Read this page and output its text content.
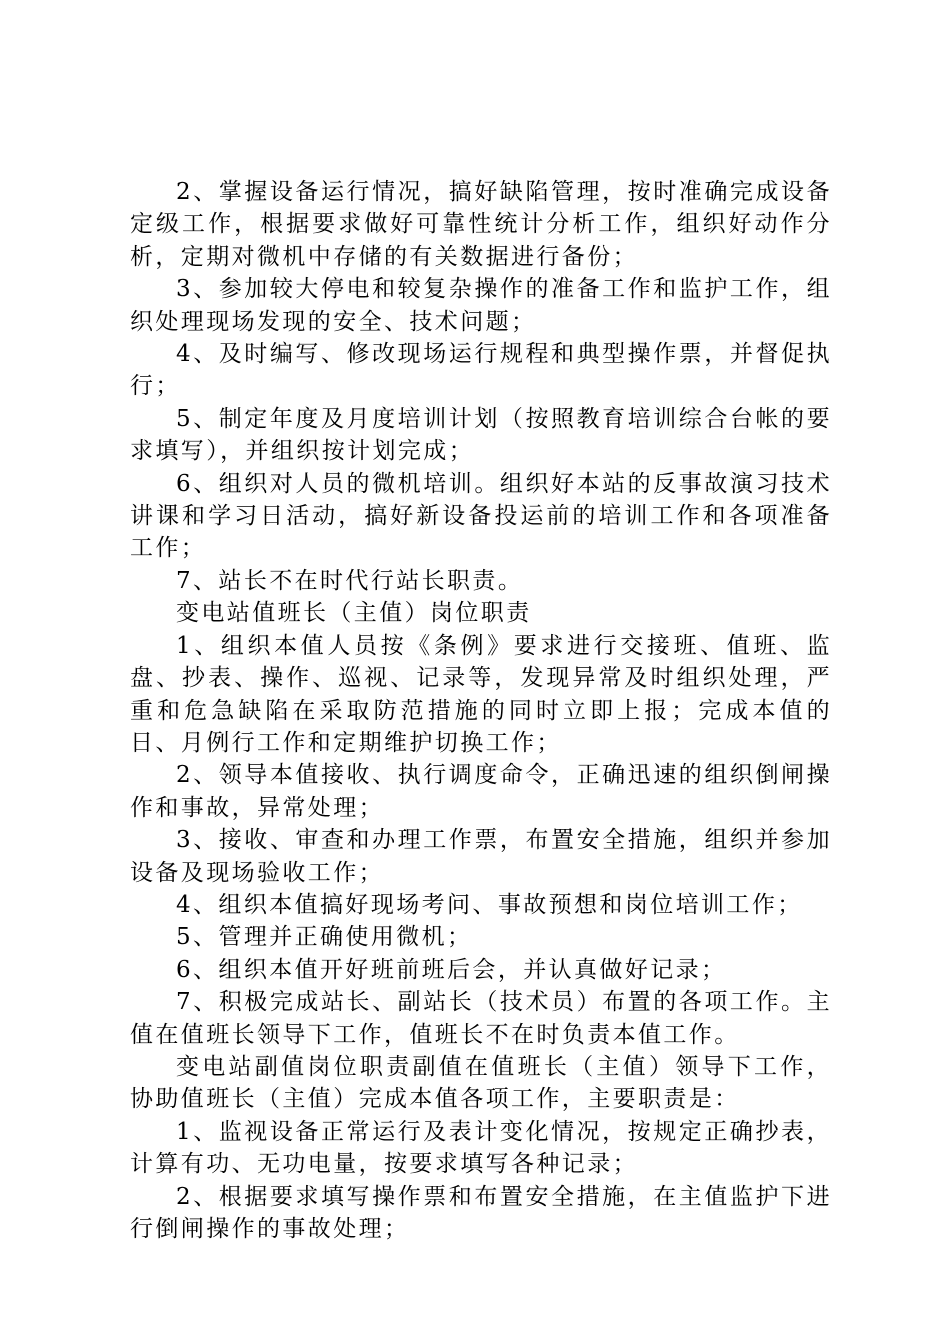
2、掌握设备运行情况，搞好缺陷管理，按时准确完成设备定级工作，根据要求做好可靠性统计分析工作，组织好动作分析，定期对微机中存储的有关数据进行备份；

3、参加较大停电和较复杂操作的准备工作和监护工作，组织处理现场发现的安全、技术问题；

4、及时编写、修改现场运行规程和典型操作票，并督促执行；

5、制定年度及月度培训计划（按照教育培训综合台帐的要求填写），并组织按计划完成；

6、组织对人员的微机培训。组织好本站的反事故演习技术讲课和学习日活动，搞好新设备投运前的培训工作和各项准备工作；

7、站长不在时代行站长职责。

变电站值班长（主值）岗位职责

1、组织本值人员按《条例》要求进行交接班、值班、监盘、抄表、操作、巡视、记录等，发现异常及时组织处理，严重和危急缺陷在采取防范措施的同时立即上报；完成本值的日、月例行工作和定期维护切换工作；

2、领导本值接收、执行调度命令，正确迅速的组织倒闸操作和事故，异常处理；

3、接收、审查和办理工作票，布置安全措施，组织并参加设备及现场验收工作；

4、组织本值搞好现场考问、事故预想和岗位培训工作；

5、管理并正确使用微机；

6、组织本值开好班前班后会，并认真做好记录；

7、积极完成站长、副站长（技术员）布置的各项工作。主值在值班长领导下工作，值班长不在时负责本值工作。

变电站副值岗位职责副值在值班长（主值）领导下工作，协助值班长（主值）完成本值各项工作，主要职责是：

1、监视设备正常运行及表计变化情况，按规定正确抄表，计算有功、无功电量，按要求填写各种记录；

2、根据要求填写操作票和布置安全措施，在主值监护下进行倒闸操作的事故处理；
